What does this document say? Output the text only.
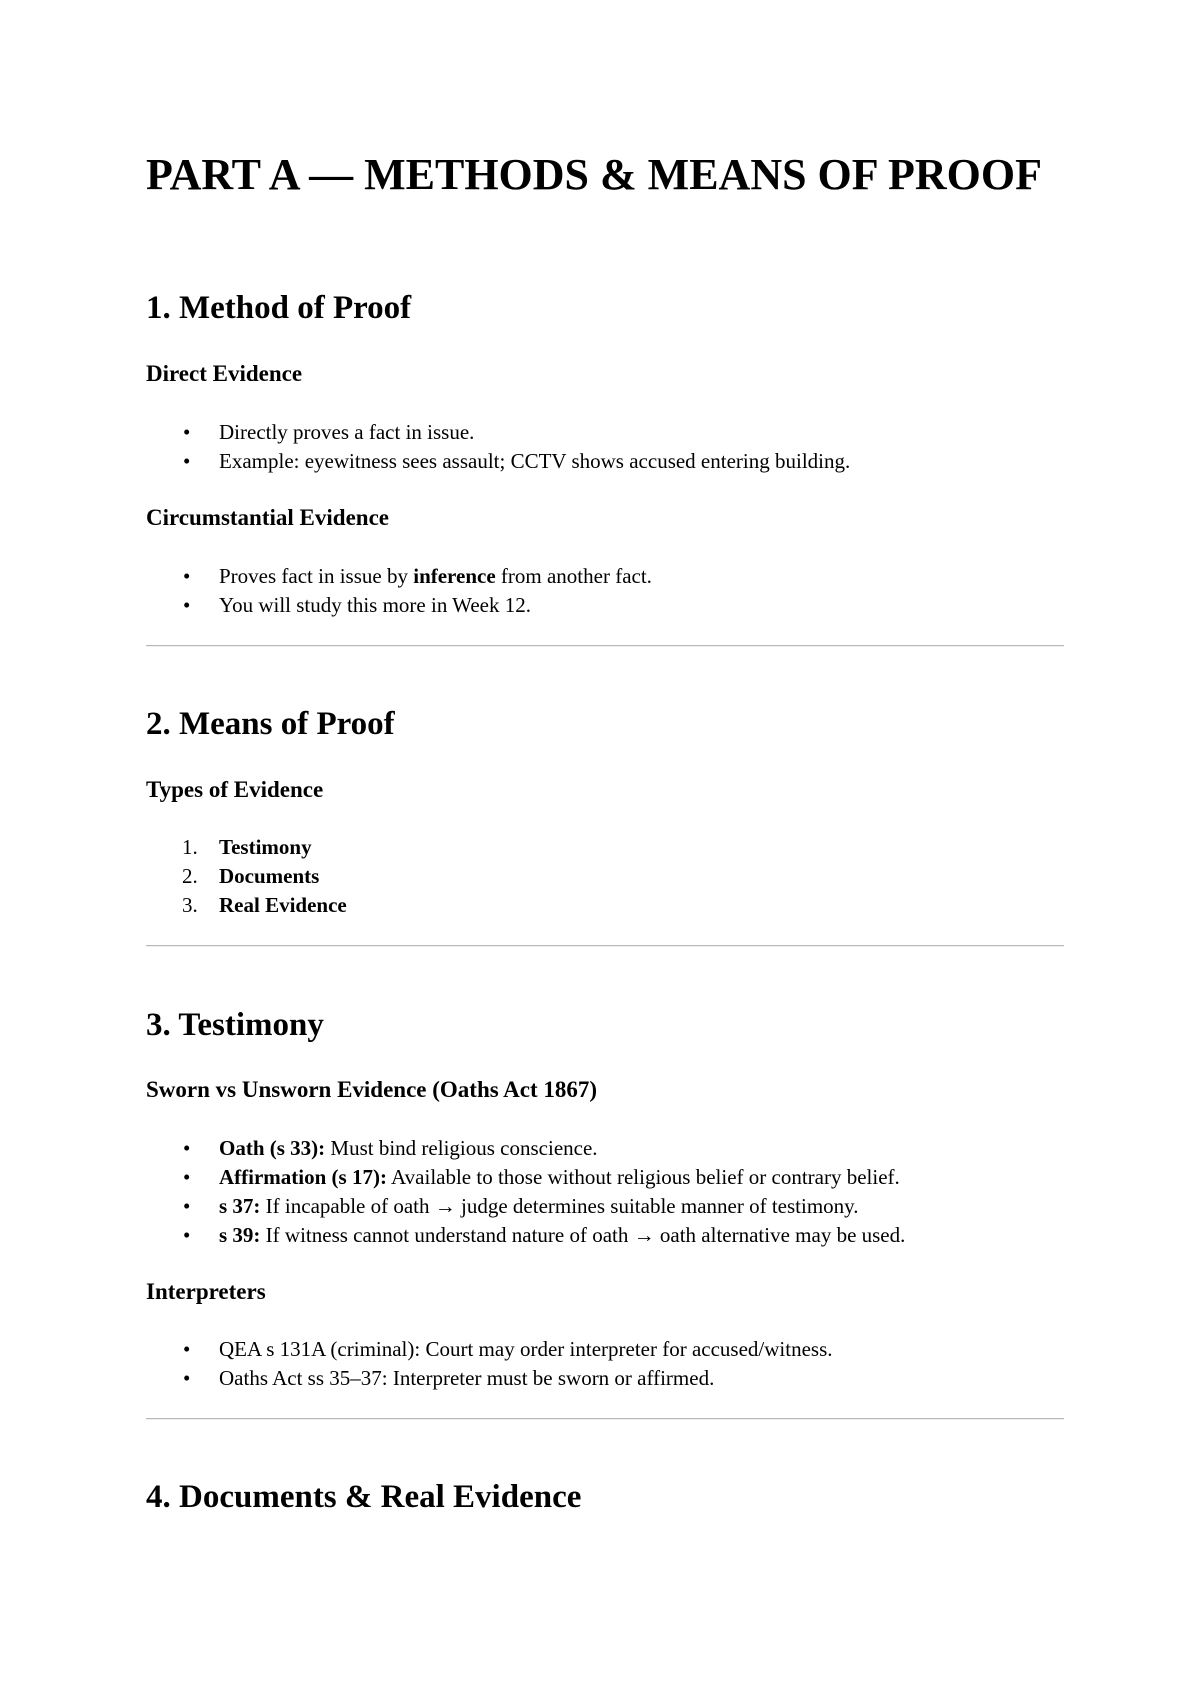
PART A — METHODS & MEANS OF PROOF
1. Method of Proof
Direct Evidence
• Directly proves a fact in issue.
• Example: eyewitness sees assault; CCTV shows accused entering building.
Circumstantial Evidence
• Proves fact in issue by inference from another fact.
• You will study this more in Week 12.
2. Means of Proof
Types of Evidence
1. Testimony
2. Documents
3. Real Evidence
3. Testimony
Sworn vs Unsworn Evidence (Oaths Act 1867)
• Oath (s 33): Must bind religious conscience.
• Affirmation (s 17): Available to those without religious belief or contrary belief.
• s 37: If incapable of oath → judge determines suitable manner of testimony.
• s 39: If witness cannot understand nature of oath → oath alternative may be used.
Interpreters
• QEA s 131A (criminal): Court may order interpreter for accused/witness.
• Oaths Act ss 35–37: Interpreter must be sworn or affirmed.
4. Documents & Real Evidence
